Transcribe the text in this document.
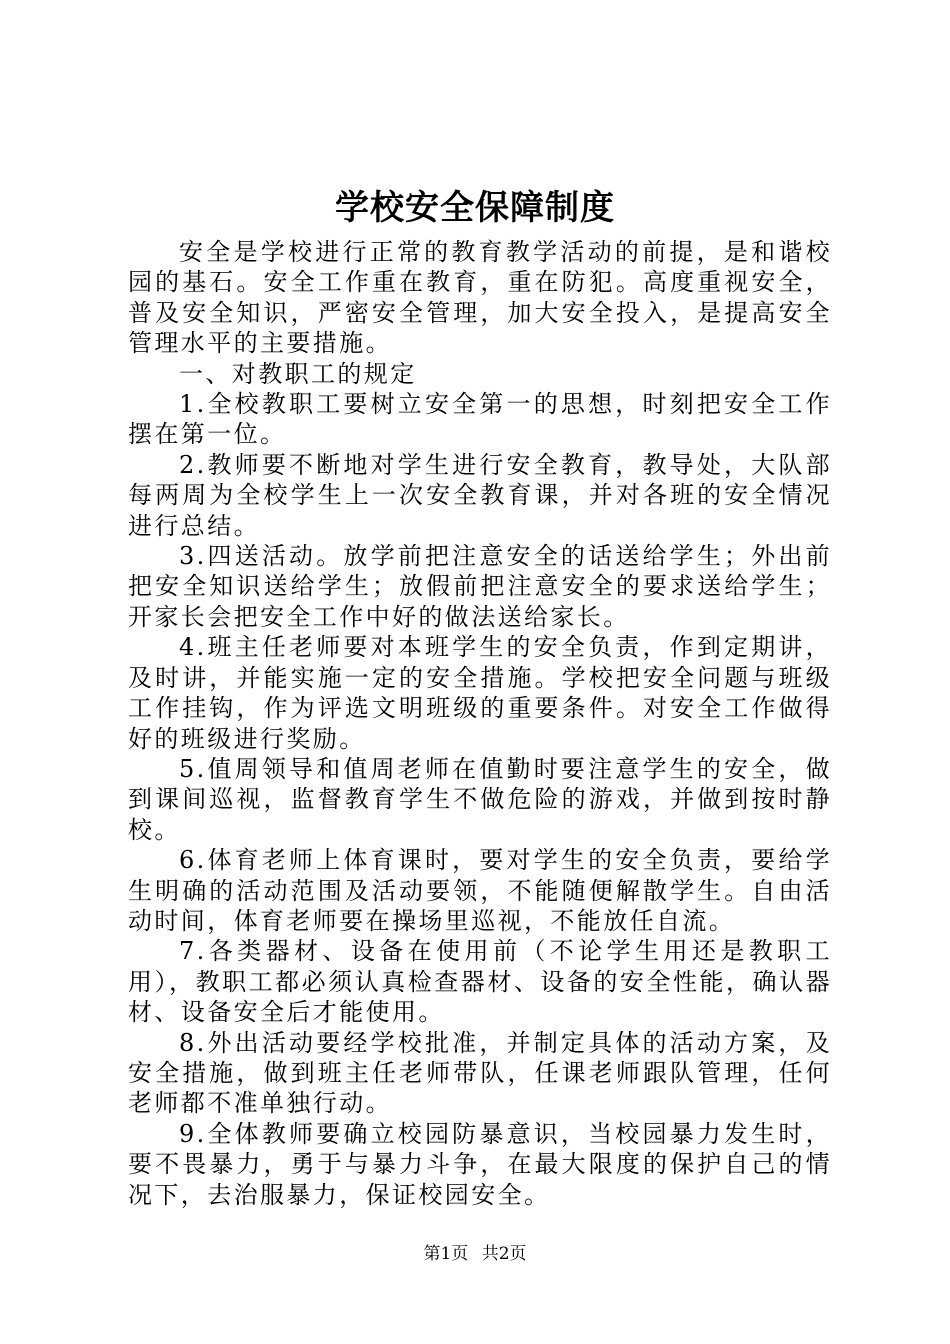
学校安全保障制度

安全是学校进行正常的教育教学活动的前提，是和谐校园的基石。安全工作重在教育，重在防犯。高度重视安全，普及安全知识，严密安全管理，加大安全投入，是提高安全管理水平的主要措施。

一、对教职工的规定

1.全校教职工要树立安全第一的思想，时刻把安全工作摆在第一位。

2.教师要不断地对学生进行安全教育，教导处，大队部每两周为全校学生上一次安全教育课，并对各班的安全情况进行总结。

3.四送活动。放学前把注意安全的话送给学生；外出前把安全知识送给学生；放假前把注意安全的要求送给学生；开家长会把安全工作中好的做法送给家长。

4.班主任老师要对本班学生的安全负责，作到定期讲，及时讲，并能实施一定的安全措施。学校把安全问题与班级工作挂钩，作为评选文明班级的重要条件。对安全工作做得好的班级进行奖励。

5.值周领导和值周老师在值勤时要注意学生的安全，做到课间巡视，监督教育学生不做危险的游戏，并做到按时静校。

6.体育老师上体育课时，要对学生的安全负责，要给学生明确的活动范围及活动要领，不能随便解散学生。自由活动时间，体育老师要在操场里巡视，不能放任自流。

7.各类器材、设备在使用前（不论学生用还是教职工用），教职工都必须认真检查器材、设备的安全性能，确认器材、设备安全后才能使用。

8.外出活动要经学校批准，并制定具体的活动方案，及安全措施，做到班主任老师带队，任课老师跟队管理，任何老师都不准单独行动。

9.全体教师要确立校园防暴意识，当校园暴力发生时，要不畏暴力，勇于与暴力斗争，在最大限度的保护自己的情况下，去治服暴力，保证校园安全。

第1页 共2页
